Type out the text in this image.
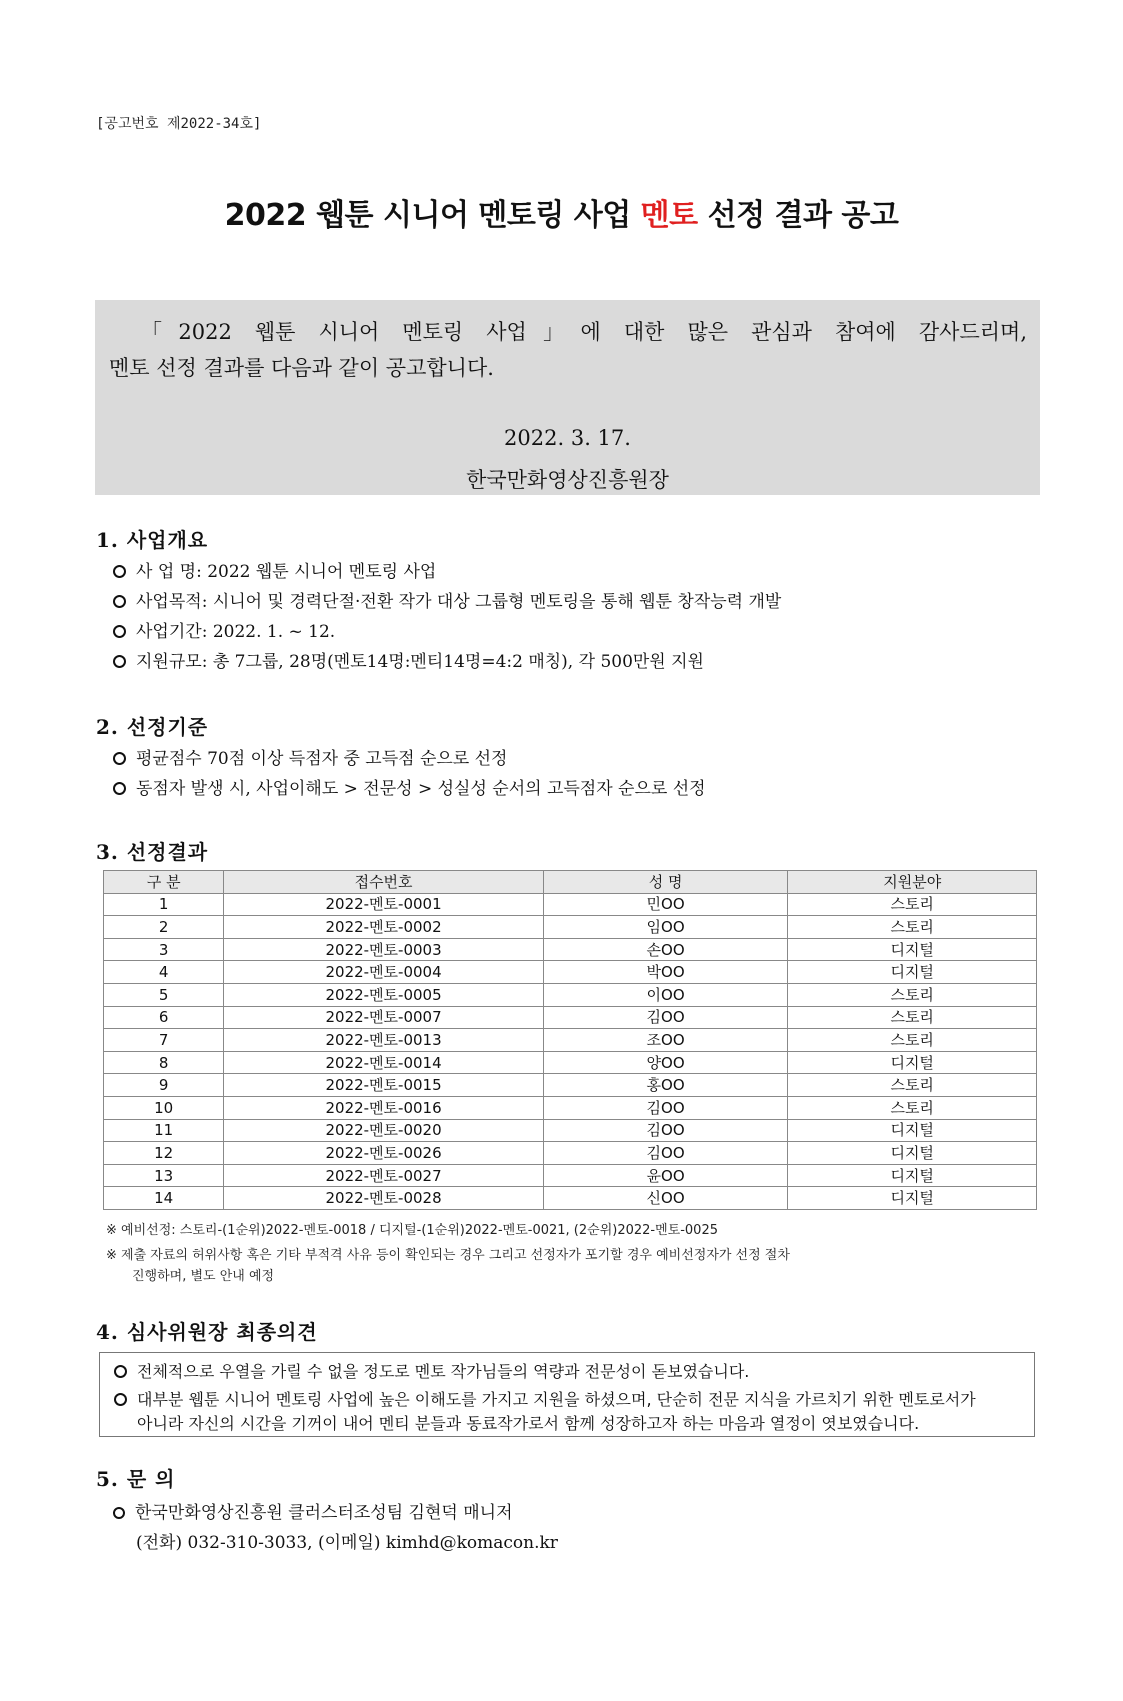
[공고번호 제2022-34호]
2022 웹툰 시니어 멘토링 사업 멘토 선정 결과 공고
「2022 웹툰 시니어 멘토링 사업」에 대한 많은 관심과 참여에 감사드리며,
멘토 선정 결과를 다음과 같이 공고합니다.
2022. 3. 17.
한국만화영상진흥원장
1. 사업개요
사 업 명: 2022 웹툰 시니어 멘토링 사업
사업목적: 시니어 및 경력단절·전환 작가 대상 그룹형 멘토링을 통해 웹툰 창작능력 개발
사업기간: 2022. 1. ~ 12.
지원규모: 총 7그룹, 28명(멘토14명:멘티14명=4:2 매칭), 각 500만원 지원
2. 선정기준
평균점수 70점 이상 득점자 중 고득점 순으로 선정
동점자 발생 시, 사업이해도 > 전문성 > 성실성 순서의 고득점자 순으로 선정
3. 선정결과
구 분	접수번호	성 명	지원분야
1	2022-멘토-0001	민OO	스토리
2	2022-멘토-0002	임OO	스토리
3	2022-멘토-0003	손OO	디지털
4	2022-멘토-0004	박OO	디지털
5	2022-멘토-0005	이OO	스토리
6	2022-멘토-0007	김OO	스토리
7	2022-멘토-0013	조OO	스토리
8	2022-멘토-0014	양OO	디지털
9	2022-멘토-0015	홍OO	스토리
10	2022-멘토-0016	김OO	스토리
11	2022-멘토-0020	김OO	디지털
12	2022-멘토-0026	김OO	디지털
13	2022-멘토-0027	윤OO	디지털
14	2022-멘토-0028	신OO	디지털
※ 예비선정: 스토리-(1순위)2022-멘토-0018 / 디지털-(1순위)2022-멘토-0021, (2순위)2022-멘토-0025
※ 제출 자료의 허위사항 혹은 기타 부적격 사유 등이 확인되는 경우 그리고 선정자가 포기할 경우 예비선정자가 선정 절차
진행하며, 별도 안내 예정
4. 심사위원장 최종의견
전체적으로 우열을 가릴 수 없을 정도로 멘토 작가님들의 역량과 전문성이 돋보였습니다.
대부분 웹툰 시니어 멘토링 사업에 높은 이해도를 가지고 지원을 하셨으며, 단순히 전문 지식을 가르치기 위한 멘토로서가
아니라 자신의 시간을 기꺼이 내어 멘티 분들과 동료작가로서 함께 성장하고자 하는 마음과 열정이 엿보였습니다.
5. 문 의
한국만화영상진흥원 클러스터조성팀 김현덕 매니저
(전화) 032-310-3033, (이메일) kimhd@komacon.kr
